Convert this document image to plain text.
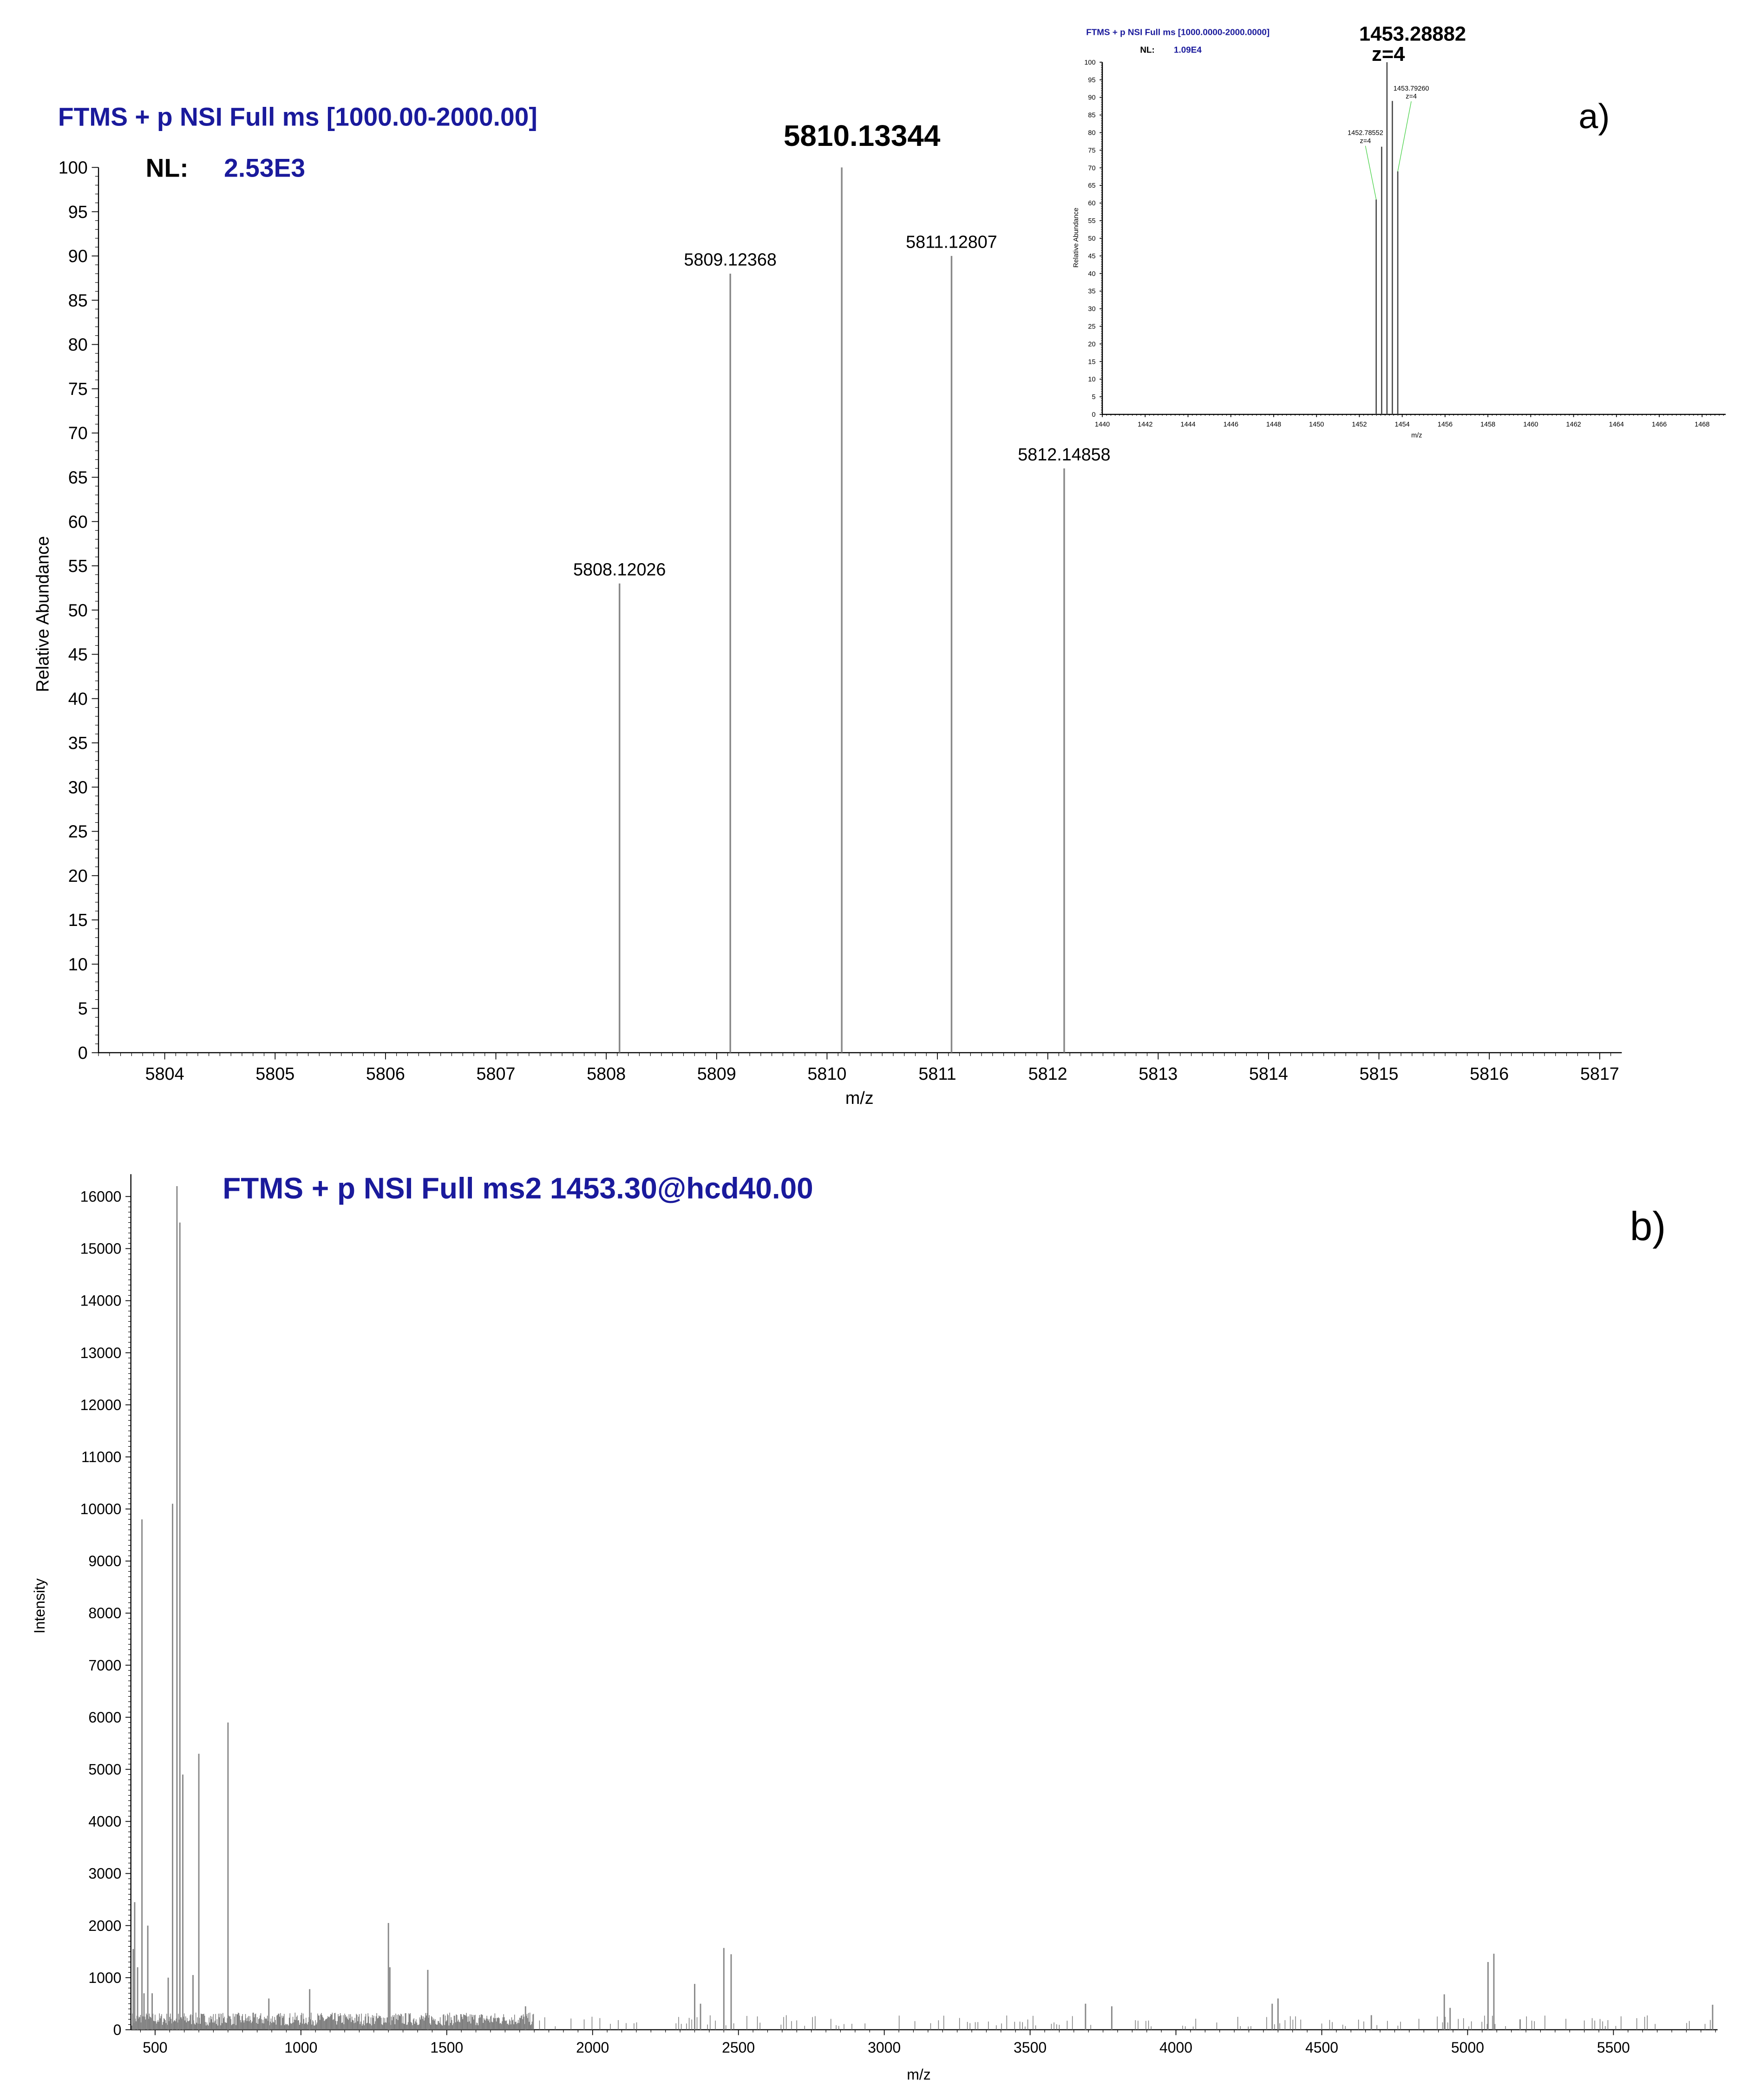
FTMS + p NSI Full ms [1000.00-2000.00]
NL:	2.53E3
a)
Relative Abundance
m/z
0
5
10
15
20
25
30
35
40
45
50
55
60
65
70
75
80
85
90
95
100
5804	5805	5806	5807	5808	5809	5810	5811	5812	5813	5814	5815	5816	5817
5808.12026
5809.12368
5810.13344
5811.12807
5812.14858
FTMS + p NSI Full ms [1000.0000-2000.0000]
NL:	1.09E4
Relative Abundance
m/z
0
5
10
15
20
25
30
35
40
45
50
55
60
65
70
75
80
85
90
95
100
1440	1442	1444	1446	1448	1450	1452	1454	1456	1458	1460	1462	1464	1466	1468
1452.78552
z=4
1453.28882
z=4
1453.79260
z=4
FTMS + p NSI Full ms2 1453.30@hcd40.00
b)
Intensity
m/z
0
1000
2000
3000
4000
5000
6000
7000
8000
9000
10000
11000
12000
13000
14000
15000
16000
500	1000	1500	2000	2500	3000	3500	4000	4500	5000	5500
